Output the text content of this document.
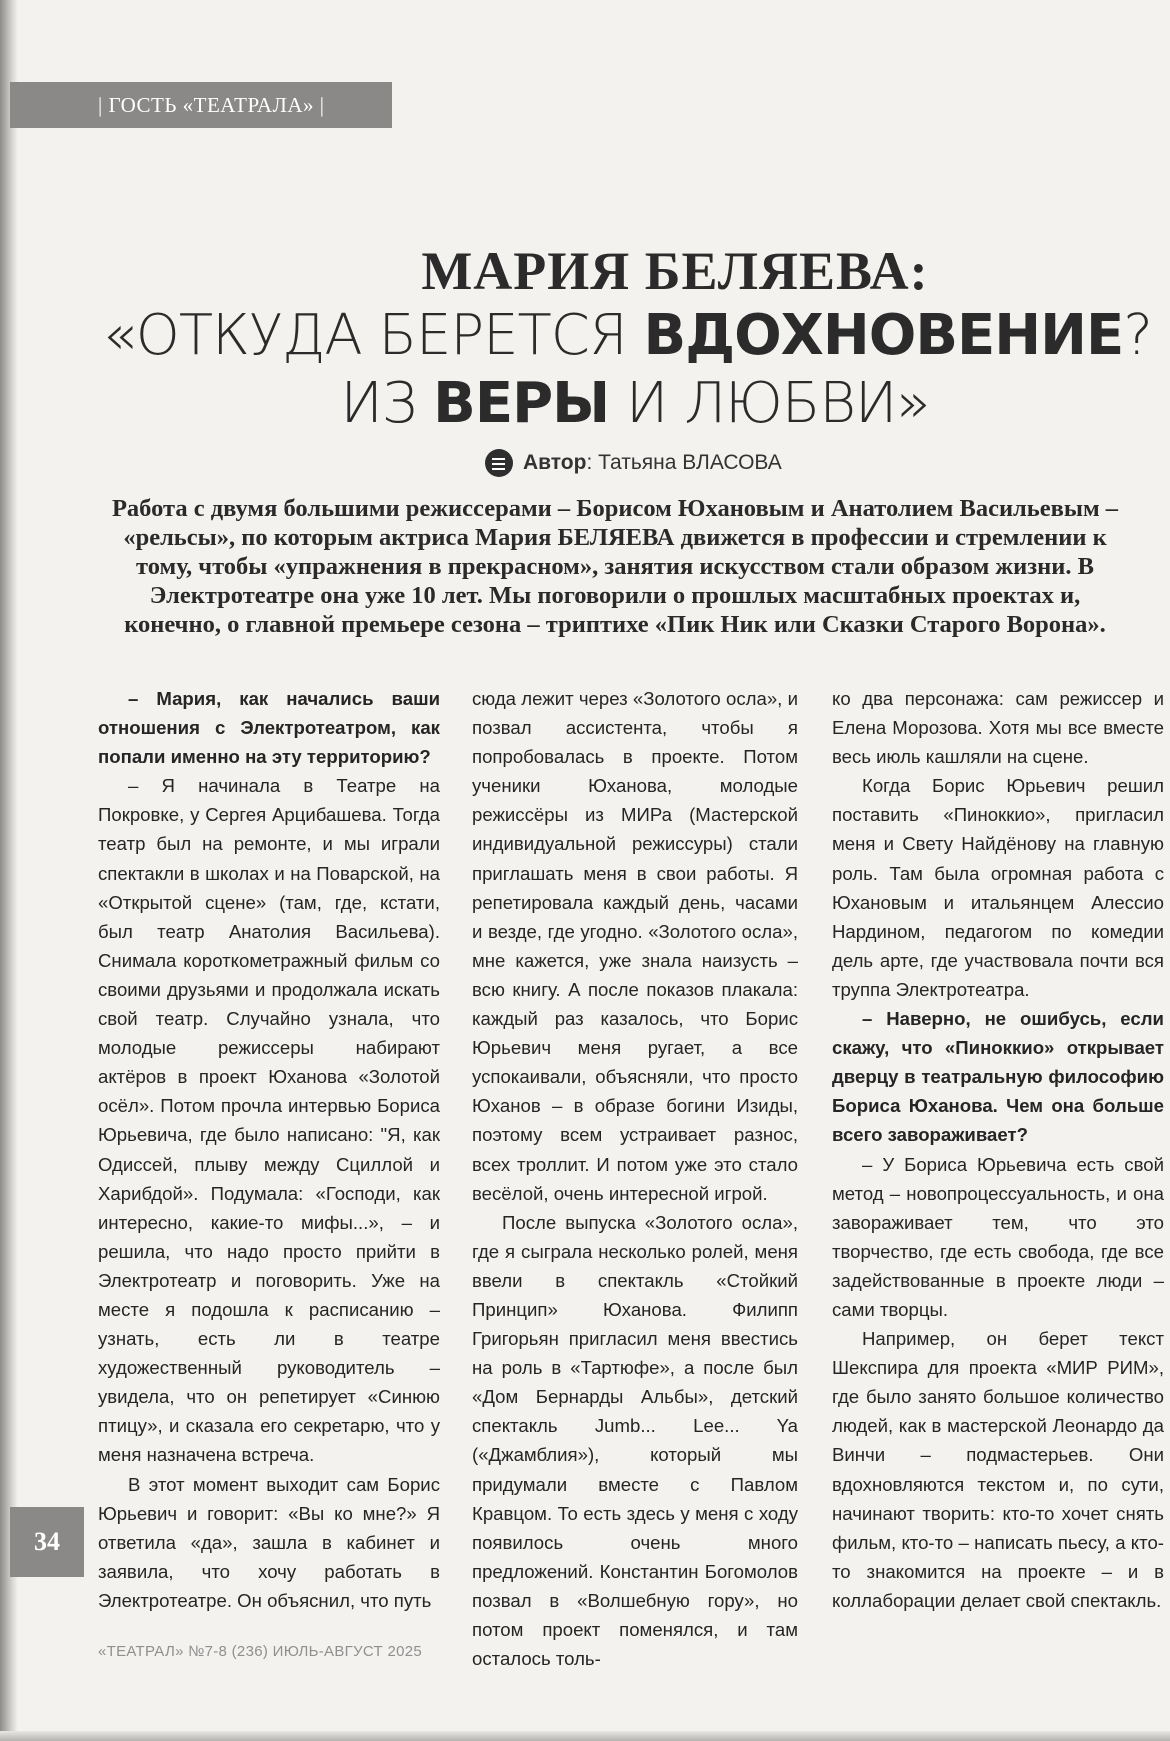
| ГОСТЬ «ТЕАТРАЛА» |
МАРИЯ БЕЛЯЕВА:
«ОТКУДА БЕРЕТСЯ ВДОХНОВЕНИЕ?
ИЗ ВЕРЫ И ЛЮБВИ»
Автор : Татьяна ВЛАСОВА
Работа с двумя большими режиссерами – Борисом Юхановым и Анатолием Васильевым – «рельсы», по которым актриса Мария БЕЛЯЕВА движется в профессии и стремлении к тому, чтобы «упражнения в прекрасном», занятия искусством стали образом жизни. В Электротеатре она уже 10 лет. Мы поговорили о прошлых масштабных проектах и, конечно, о главной премьере сезона – триптихе «Пик Ник или Сказки Старого Ворона».

– Мария, как начались ваши отношения с Электротеатром, как попали именно на эту территорию?

– Я начинала в Театре на Покровке, у Сергея Арцибашева. Тогда театр был на ремонте, и мы играли спектакли в школах и на Поварской, на «Открытой сцене» (там, где, кстати, был театр Анатолия Васильева). Снимала короткометражный фильм со своими друзьями и продолжала искать свой театр. Случайно узнала, что молодые режиссеры набирают актёров в проект Юханова «Золотой осёл». Потом прочла интервью Бориса Юрьевича, где было написано: "Я, как Одиссей, плыву между Сциллой и Харибдой». Подумала: «Господи, как интересно, какие-то мифы...», – и решила, что надо просто прийти в Электротеатр и поговорить. Уже на месте я подошла к расписанию – узнать, есть ли в театре художественный руководитель – увидела, что он репетирует «Синюю птицу», и сказала его секретарю, что у меня назначена встреча.

В этот момент выходит сам Борис Юрьевич и говорит: «Вы ко мне?» Я ответила «да», зашла в кабинет и заявила, что хочу работать в Электротеатре. Он объяснил, что путь

сюда лежит через «Золотого осла», и позвал ассистента, чтобы я попробовалась в проекте. Потом ученики Юханова, молодые режиссёры из МИРа (Мастерской индивидуальной режиссуры) стали приглашать меня в свои работы. Я репетировала каждый день, часами и везде, где угодно. «Золотого осла», мне кажется, уже знала наизусть – всю книгу. А после показов плакала: каждый раз казалось, что Борис Юрьевич меня ругает, а все успокаивали, объясняли, что просто Юханов – в образе богини Изиды, поэтому всем устраивает разнос, всех троллит. И потом уже это стало весёлой, очень интересной игрой.

После выпуска «Золотого осла», где я сыграла несколько ролей, меня ввели в спектакль «Стойкий Принцип» Юханова. Филипп Григорьян пригласил меня ввестись на роль в «Тартюфе», а после был «Дом Бернарды Альбы», детский спектакль Jumb... Lee... Ya («Джамблия»), который мы придумали вместе с Павлом Кравцом. То есть здесь у меня с ходу появилось очень много предложений. Константин Богомолов позвал в «Волшебную гору», но потом проект поменялся, и там осталось толь-

ко два персонажа: сам режиссер и Елена Морозова. Хотя мы все вместе весь июль кашляли на сцене.

Когда Борис Юрьевич решил поставить «Пиноккио», пригласил меня и Свету Найдёнову на главную роль. Там была огромная работа с Юхановым и итальянцем Алессио Нардином, педагогом по комедии дель арте, где участвовала почти вся труппа Электротеатра.

– Наверно, не ошибусь, если скажу, что «Пиноккио» открывает дверцу в театральную философию Бориса Юханова. Чем она больше всего завораживает?

– У Бориса Юрьевича есть свой метод – новопроцессуальность, и она завораживает тем, что это творчество, где есть свобода, где все задействованные в проекте люди – сами творцы.

Например, он берет текст Шекспира для проекта «МИР РИМ», где было занято большое количество людей, как в мастерской Леонардо да Винчи – подмастерьев. Они вдохновляются текстом и, по сути, начинают творить: кто-то хочет снять фильм, кто-то – написать пьесу, а кто-то знакомится на проекте – и в коллаборации делает свой спектакль.

34
«ТЕАТРАЛ» №7-8 (236) ИЮЛЬ-АВГУСТ 2025
